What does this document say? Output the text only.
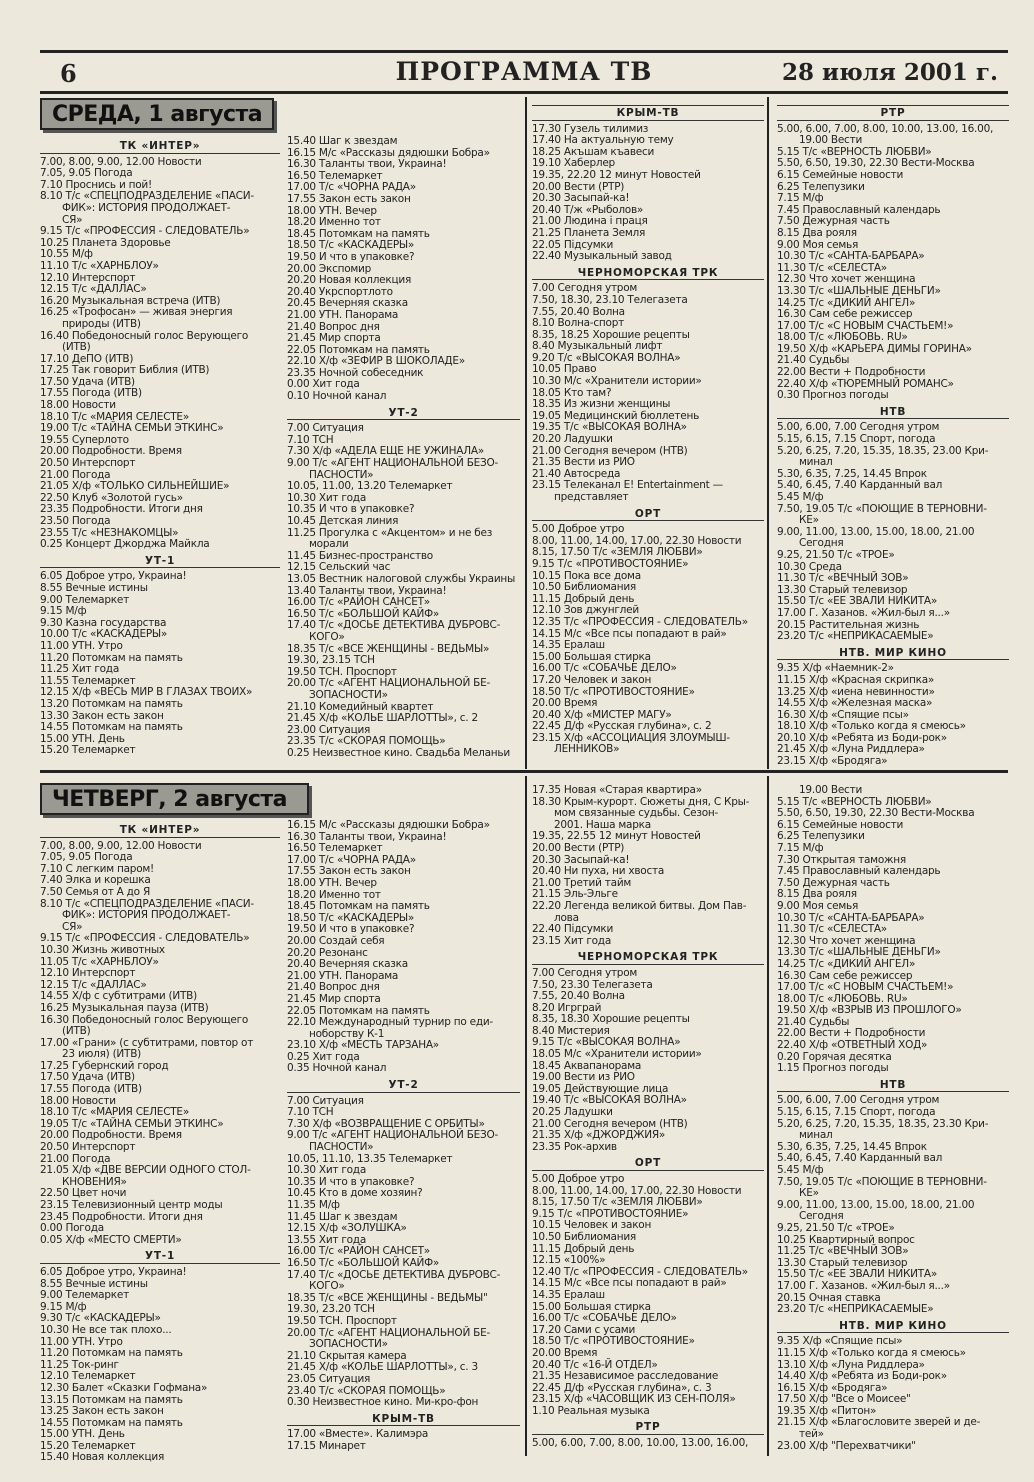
6	ПРОГРАММА ТВ	28 июля 2001 г.
СРЕДА, 1 августа
ЧЕТВЕРГ, 2 августа
ТК «ИНТЕР»
7.00, 8.00, 9.00, 12.00 Новости
7.05, 9.05 Погода
7.10 Проснись и пой!
8.10 Т/с «СПЕЦПОДРАЗДЕЛЕНИЕ «ПАСИ-
ФИК»: ИСТОРИЯ ПРОДОЛЖАЕТ-
СЯ»
9.15 Т/с «ПРОФЕССИЯ - СЛЕДОВАТЕЛЬ»
10.25 Планета Здоровье
10.55 М/ф
11.10 Т/с «ХАРНБЛОУ»
12.10 Интерспорт
12.15 Т/с «ДАЛЛАС»
16.20 Музыкальная встреча (ИТВ)
16.25 «Трофосан» — живая энергия
природы (ИТВ)
16.40 Победоносный голос Верующего
(ИТВ)
17.10 ДеПО (ИТВ)
17.25 Так говорит Библия (ИТВ)
17.50 Удача (ИТВ)
17.55 Погода (ИТВ)
18.00 Новости
18.10 Т/с «МАРИЯ СЕЛЕСТЕ»
19.00 Т/с «ТАЙНА СЕМЬИ ЭТКИНС»
19.55 Суперлото
20.00 Подробности. Время
20.50 Интерспорт
21.00 Погода
21.05 Х/ф «ТОЛЬКО СИЛЬНЕЙШИЕ»
22.50 Клуб «Золотой гусь»
23.35 Подробности. Итоги дня
23.50 Погода
23.55 Т/с «НЕЗНАКОМЦЫ»
0.25 Концерт Джорджа Майкла
УТ-1
6.05 Доброе утро, Украина!
8.55 Вечные истины
9.00 Телемаркет
9.15 М/ф
9.30 Казна государства
10.00 Т/с «КАСКАДЕРЫ»
11.00 УТН. Утро
11.20 Потомкам на память
11.25 Хит года
11.55 Телемаркет
12.15 Х/ф «ВЕСЬ МИР В ГЛАЗАХ ТВОИХ»
13.20 Потомкам на память
13.30 Закон есть закон
14.55 Потомкам на память
15.00 УТН. День
15.20 Телемаркет
15.40 Шаг к звездам
16.15 М/с «Рассказы дядюшки Бобра»
16.30 Таланты твои, Украина!
16.50 Телемаркет
17.00 Т/с «ЧОРНА РАДА»
17.55 Закон есть закон
18.00 УТН. Вечер
18.20 Именно тот
18.45 Потомкам на память
18.50 Т/с «КАСКАДЕРЫ»
19.50 И что в упаковке?
20.00 Экспомир
20.20 Новая коллекция
20.40 Укрспортлото
20.45 Вечерняя сказка
21.00 УТН. Панорама
21.40 Вопрос дня
21.45 Мир спорта
22.05 Потомкам на память
22.10 Х/ф «ЗЕФИР В ШОКОЛАДЕ»
23.35 Ночной собеседник
0.00 Хит года
0.10 Ночной канал
УТ-2
7.00 Ситуация
7.10 ТСН
7.30 Х/ф «АДЕЛА ЕЩЕ НЕ УЖИНАЛА»
9.00 Т/с «АГЕНТ НАЦИОНАЛЬНОЙ БЕЗО-
ПАСНОСТИ»
10.05, 11.00, 13.20 Телемаркет
10.30 Хит года
10.35 И что в упаковке?
10.45 Детская линия
11.25 Прогулка с «Акцентом» и не без
морали
11.45 Бизнес-пространство
12.15 Сельский час
13.05 Вестник налоговой службы Украины
13.40 Таланты твои, Украина!
16.00 Т/с «РАЙОН САНСЕТ»
16.50 Т/с «БОЛЬШОЙ КАЙФ»
17.40 Т/с «ДОСЬЕ ДЕТЕКТИВА ДУБРОВС-
КОГО»
18.35 Т/с «ВСЕ ЖЕНЩИНЫ - ВЕДЬМЫ»
19.30, 23.15 ТСН
19.50 ТСН. Проспорт
20.00 Т/с «АГЕНТ НАЦИОНАЛЬНОЙ БЕ-
ЗОПАСНОСТИ»
21.10 Комедийный квартет
21.45 Х/ф «КОЛЬЕ ШАРЛОТТЫ», с. 2
23.00 Ситуация
23.35 Т/с «СКОРАЯ ПОМОЩЬ»
0.25 Неизвестное кино. Свадьба Меланьи
КРЫМ-ТВ
17.30 Гузель тилимиз
17.40 На актуальную тему
18.25 Акъшам къавеси
19.10 Хаберлер
19.35, 22.20 12 минут Новостей
20.00 Вести (РТР)
20.30 Засыпай-ка!
20.40 Т/ж «Рыболов»
21.00 Людина і праця
21.25 Планета Земля
22.05 Підсумки
22.40 Музыкальный завод
ЧЕРНОМОРСКАЯ ТРК
7.00 Сегодня утром
7.50, 18.30, 23.10 Телегазета
7.55, 20.40 Волна
8.10 Волна-спорт
8.35, 18.25 Хорошие рецепты
8.40 Музыкальный лифт
9.20 Т/с «ВЫСОКАЯ ВОЛНА»
10.05 Право
10.30 М/с «Хранители истории»
18.05 Кто там?
18.35 Из жизни женщины
19.05 Медицинский бюллетень
19.35 Т/с «ВЫСОКАЯ ВОЛНА»
20.20 Ладушки
21.00 Сегодня вечером (НТВ)
21.35 Вести из РИО
21.40 Автосреда
23.15 Телеканал E! Entertainment —
представляет
ОРТ
5.00 Доброе утро
8.00, 11.00, 14.00, 17.00, 22.30 Новости
8.15, 17.50 Т/с «ЗЕМЛЯ ЛЮБВИ»
9.15 Т/с «ПРОТИВОСТОЯНИЕ»
10.15 Пока все дома
10.50 Библиомания
11.15 Добрый день
12.10 Зов джунглей
12.35 Т/с «ПРОФЕССИЯ - СЛЕДОВАТЕЛЬ»
14.15 М/с «Все псы попадают в рай»
14.35 Ералаш
15.00 Большая стирка
16.00 Т/с «СОБАЧЬЕ ДЕЛО»
17.20 Человек и закон
18.50 Т/с «ПРОТИВОСТОЯНИЕ»
20.00 Время
20.40 Х/ф «МИСТЕР МАГУ»
22.45 Д/ф «Русская глубина», с. 2
23.15 Х/ф «АССОЦИАЦИЯ ЗЛОУМЫШ-
ЛЕННИКОВ»
РТР
5.00, 6.00, 7.00, 8.00, 10.00, 13.00, 16.00,
19.00 Вести
5.15 Т/с «ВЕРНОСТЬ ЛЮБВИ»
5.50, 6.50, 19.30, 22.30 Вести-Москва
6.15 Семейные новости
6.25 Телепузики
7.15 М/ф
7.45 Православный календарь
7.50 Дежурная часть
8.15 Два рояля
9.00 Моя семья
10.30 Т/с «САНТА-БАРБАРА»
11.30 Т/с «СЕЛЕСТА»
12.30 Что хочет женщина
13.30 Т/с «ШАЛЬНЫЕ ДЕНЬГИ»
14.25 Т/с «ДИКИЙ АНГЕЛ»
16.30 Сам себе режиссер
17.00 Т/с «С НОВЫМ СЧАСТЬЕМ!»
18.00 Т/с «ЛЮБОВЬ. RU»
19.50 Х/ф «КАРЬЕРА ДИМЫ ГОРИНА»
21.40 Судьбы
22.00 Вести + Подробности
22.40 Х/ф «ТЮРЕМНЫЙ РОМАНС»
0.30 Прогноз погоды
НТВ
5.00, 6.00, 7.00 Сегодня утром
5.15, 6.15, 7.15 Спорт, погода
5.20, 6.25, 7.20, 15.35, 18.35, 23.00 Кри-
минал
5.30, 6.35, 7.25, 14.45 Впрок
5.40, 6.45, 7.40 Карданный вал
5.45 М/ф
7.50, 19.05 Т/с «ПОЮЩИЕ В ТЕРНОВНИ-
КЕ»
9.00, 11.00, 13.00, 15.00, 18.00, 21.00
Сегодня
9.25, 21.50 Т/с «ТРОЕ»
10.30 Среда
11.30 Т/с «ВЕЧНЫЙ ЗОВ»
13.30 Старый телевизор
15.50 Т/с «ЕЕ ЗВАЛИ НИКИТА»
17.00 Г. Хазанов. «Жил-был я...»
20.15 Растительная жизнь
23.20 Т/с «НЕПРИКАСАЕМЫЕ»
НТВ. МИР КИНО
9.35 Х/ф «Наемник-2»
11.15 Х/ф «Красная скрипка»
13.25 Х/ф «иена невинности»
14.55 Х/ф «Железная маска»
16.30 Х/ф «Спящие псы»
18.10 Х/ф «Только когда я смеюсь»
20.10 Х/ф «Ребята из Боди-рок»
21.45 Х/ф «Луна Риддлера»
23.15 Х/ф «Бродяга»
ТК «ИНТЕР»
7.00, 8.00, 9.00, 12.00 Новости
7.05, 9.05 Погода
7.10 С легким паром!
7.40 Элка и корешка
7.50 Семья от А до Я
8.10 Т/с «СПЕЦПОДРАЗДЕЛЕНИЕ «ПАСИ-
ФИК»: ИСТОРИЯ ПРОДОЛЖАЕТ-
СЯ»
9.15 Т/с «ПРОФЕССИЯ - СЛЕДОВАТЕЛЬ»
10.30 Жизнь животных
11.05 Т/с «ХАРНБЛОУ»
12.10 Интерспорт
12.15 Т/с «ДАЛЛАС»
14.55 Х/ф с субтитрами (ИТВ)
16.25 Музыкальная пауза (ИТВ)
16.30 Победоносный голос Верующего
(ИТВ)
17.00 «Грани» (с субтитрами, повтор от
23 июля) (ИТВ)
17.25 Губернский город
17.50 Удача (ИТВ)
17.55 Погода (ИТВ)
18.00 Новости
18.10 Т/с «МАРИЯ СЕЛЕСТЕ»
19.05 Т/с «ТАЙНА СЕМЬИ ЭТКИНС»
20.00 Подробности. Время
20.50 Интерспорт
21.00 Погода
21.05 Х/ф «ДВЕ ВЕРСИИ ОДНОГО СТОЛ-
КНОВЕНИЯ»
22.50 Цвет ночи
23.15 Телевизионный центр моды
23.45 Подробности. Итоги дня
0.00 Погода
0.05 Х/ф «МЕСТО СМЕРТИ»
УТ-1
6.05 Доброе утро, Украина!
8.55 Вечные истины
9.00 Телемаркет
9.15 М/ф
9.30 Т/с «КАСКАДЕРЫ»
10.30 Не все так плохо...
11.00 УТН. Утро
11.20 Потомкам на память
11.25 Ток-ринг
12.10 Телемаркет
12.30 Балет «Сказки Гофмана»
13.15 Потомкам на память
13.25 Закон есть закон
14.55 Потомкам на память
15.00 УТН. День
15.20 Телемаркет
15.40 Новая коллекция
16.15 М/с «Рассказы дядюшки Бобра»
16.30 Таланты твои, Украина!
16.50 Телемаркет
17.00 Т/с «ЧОРНА РАДА»
17.55 Закон есть закон
18.00 УТН. Вечер
18.20 Именно тот
18.45 Потомкам на память
18.50 Т/с «КАСКАДЕРЫ»
19.50 И что в упаковке?
20.00 Создай себя
20.20 Резонанс
20.40 Вечерняя сказка
21.00 УТН. Панорама
21.40 Вопрос дня
21.45 Мир спорта
22.05 Потомкам на память
22.10 Международный турнир по еди-
ноборству К-1
23.10 Х/ф «МЕСТЬ ТАРЗАНА»
0.25 Хит года
0.35 Ночной канал
УТ-2
7.00 Ситуация
7.10 ТСН
7.30 Х/ф «ВОЗВРАЩЕНИЕ С ОРБИТЫ»
9.00 Т/с «АГЕНТ НАЦИОНАЛЬНОЙ БЕЗО-
ПАСНОСТИ»
10.05, 11.10, 13.35 Телемаркет
10.30 Хит года
10.35 И что в упаковке?
10.45 Кто в доме хозяин?
11.35 М/ф
11.45 Шаг к звездам
12.15 Х/ф «ЗОЛУШКА»
13.55 Хит года
16.00 Т/с «РАЙОН САНСЕТ»
16.50 Т/с «БОЛЬШОЙ КАЙФ»
17.40 Т/с «ДОСЬЕ ДЕТЕКТИВА ДУБРОВС-
КОГО»
18.35 Т/с «ВСЕ ЖЕНЩИНЫ - ВЕДЬМЫ"
19.30, 23.20 ТСН
19.50 ТСН. Проспорт
20.00 Т/с «АГЕНТ НАЦИОНАЛЬНОЙ БЕ-
ЗОПАСНОСТИ»
21.10 Скрытая камера
21.45 Х/ф «КОЛЬЕ ШАРЛОТТЫ», с. 3
23.05 Ситуация
23.40 Т/с «СКОРАЯ ПОМОЩЬ»
0.30 Неизвестное кино. Ми-кро-фон
КРЫМ-ТВ
17.00 «Вместе». Калимэра
17.15 Минарет
17.35 Новая «Старая квартира»
18.30 Крым-курорт. Сюжеты дня, С Кры-
мом связанные судьбы. Сезон-
2001. Наша марка
19.35, 22.55 12 минут Новостей
20.00 Вести (РТР)
20.30 Засыпай-ка!
20.40 Ни пуха, ни хвоста
21.00 Третий тайм
21.15 Эль-Эльге
22.20 Легенда великой битвы. Дом Пав-
лова
22.40 Підсумки
23.15 Хит года
ЧЕРНОМОРСКАЯ ТРК
7.00 Сегодня утром
7.50, 23.30 Телегазета
7.55, 20.40 Волна
8.20 Игрграй
8.35, 18.30 Хорошие рецепты
8.40 Мистерия
9.15 Т/с «ВЫСОКАЯ ВОЛНА»
18.05 М/с «Хранители истории»
18.45 Аквапанорама
19.00 Вести из РИО
19.05 Действующие лица
19.40 Т/с «ВЫСОКАЯ ВОЛНА»
20.25 Ладушки
21.00 Сегодня вечером (НТВ)
21.35 Х/ф «ДЖОРДЖИЯ»
23.35 Рок-архив
ОРТ
5.00 Доброе утро
8.00, 11.00, 14.00, 17.00, 22.30 Новости
8.15, 17.50 Т/с «ЗЕМЛЯ ЛЮБВИ»
9.15 Т/с «ПРОТИВОСТОЯНИЕ»
10.15 Человек и закон
10.50 Библиомания
11.15 Добрый день
12.15 «100%»
12.40 Т/с «ПРОФЕССИЯ - СЛЕДОВАТЕЛЬ»
14.15 М/с «Все псы попадают в рай»
14.35 Ералаш
15.00 Большая стирка
16.00 Т/с «СОБАЧЬЕ ДЕЛО»
17.20 Сами с усами
18.50 Т/с «ПРОТИВОСТОЯНИЕ»
20.00 Время
20.40 Т/с «16-Й ОТДЕЛ»
21.35 Независимое расследование
22.45 Д/ф «Русская глубина», с. 3
23.15 Х/ф «ЧАСОВЩИК ИЗ СЕН-ПОЛЯ»
1.10 Реальная музыка
РТР
5.00, 6.00, 7.00, 8.00, 10.00, 13.00, 16.00,
19.00 Вести
5.15 Т/с «ВЕРНОСТЬ ЛЮБВИ»
5.50, 6.50, 19.30, 22.30 Вести-Москва
6.15 Семейные новости
6.25 Телепузики
7.15 М/ф
7.30 Открытая таможня
7.45 Православный календарь
7.50 Дежурная часть
8.15 Два рояля
9.00 Моя семья
10.30 Т/с «САНТА-БАРБАРА»
11.30 Т/с «СЕЛЕСТА»
12.30 Что хочет женщина
13.30 Т/с «ШАЛЬНЫЕ ДЕНЬГИ»
14.25 Т/с «ДИКИЙ АНГЕЛ»
16.30 Сам себе режиссер
17.00 Т/с «С НОВЫМ СЧАСТЬЕМ!»
18.00 Т/с «ЛЮБОВЬ. RU»
19.50 Х/ф «ВЗРЫВ ИЗ ПРОШЛОГО»
21.40 Судьбы
22.00 Вести + Подробности
22.40 Х/ф «ОТВЕТНЫЙ ХОД»
0.20 Горячая десятка
1.15 Прогноз погоды
НТВ
5.00, 6.00, 7.00 Сегодня утром
5.15, 6.15, 7.15 Спорт, погода
5.20, 6.25, 7.20, 15.35, 18.35, 23.30 Кри-
минал
5.30, 6.35, 7.25, 14.45 Впрок
5.40, 6.45, 7.40 Карданный вал
5.45 М/ф
7.50, 19.05 Т/с «ПОЮЩИЕ В ТЕРНОВНИ-
КЕ»
9.00, 11.00, 13.00, 15.00, 18.00, 21.00
Сегодня
9.25, 21.50 Т/с «ТРОЕ»
10.25 Квартирный вопрос
11.25 Т/с «ВЕЧНЫЙ ЗОВ»
13.30 Старый телевизор
15.50 Т/с «ЕЕ ЗВАЛИ НИКИТА»
17.00 Г. Хазанов. «Жил-был я...»
20.15 Очная ставка
23.20 Т/с «НЕПРИКАСАЕМЫЕ»
НТВ. МИР КИНО
9.35 Х/ф «Спящие псы»
11.15 Х/ф «Только когда я смеюсь»
13.10 Х/ф «Луна Риддлера»
14.40 Х/ф «Ребята из Боди-рок»
16.15 Х/ф «Бродяга»
17.50 Х/ф "Все о Моисее"
19.35 Х/ф «Питон»
21.15 Х/ф «Благословите зверей и де-
тей»
23.00 Х/ф "Перехватчики"
